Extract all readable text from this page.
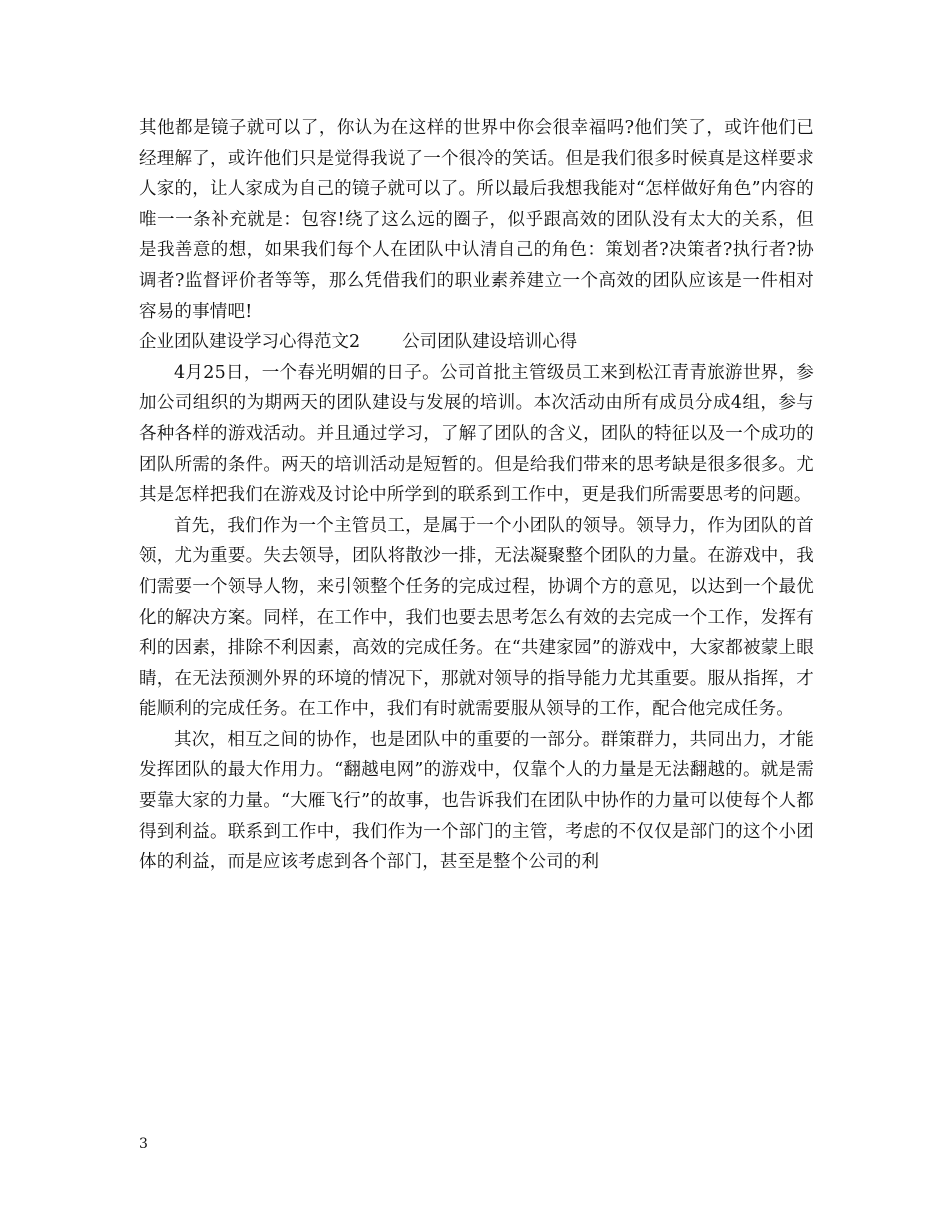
其他都是镜子就可以了，你认为在这样的世界中你会很幸福吗?他们笑了，或许他们已经理解了，或许他们只是觉得我说了一个很冷的笑话。但是我们很多时候真是这样要求人家的，让人家成为自己的镜子就可以了。所以最后我想我能对“怎样做好角色”内容的唯一一条补充就是：包容!绕了这么远的圈子，似乎跟高效的团队没有太大的关系，但是我善意的想，如果我们每个人在团队中认清自己的角色：策划者?决策者?执行者?协调者?监督评价者等等，那么凭借我们的职业素养建立一个高效的团队应该是一件相对容易的事情吧!

企业团队建设学习心得范文2 公司团队建设培训心得

4月25日，一个春光明媚的日子。公司首批主管级员工来到松江青青旅游世界，参加公司组织的为期两天的团队建设与发展的培训。本次活动由所有成员分成4组，参与各种各样的游戏活动。并且通过学习，了解了团队的含义，团队的特征以及一个成功的团队所需的条件。两天的培训活动是短暂的。但是给我们带来的思考缺是很多很多。尤其是怎样把我们在游戏及讨论中所学到的联系到工作中，更是我们所需要思考的问题。

首先，我们作为一个主管员工，是属于一个小团队的领导。领导力，作为团队的首领，尤为重要。失去领导，团队将散沙一排，无法凝聚整个团队的力量。在游戏中，我们需要一个领导人物，来引领整个任务的完成过程，协调个方的意见，以达到一个最优化的解决方案。同样，在工作中，我们也要去思考怎么有效的去完成一个工作，发挥有利的因素，排除不利因素，高效的完成任务。在“共建家园”的游戏中，大家都被蒙上眼睛，在无法预测外界的环境的情况下，那就对领导的指导能力尤其重要。服从指挥，才能顺利的完成任务。在工作中，我们有时就需要服从领导的工作，配合他完成任务。

其次，相互之间的协作，也是团队中的重要的一部分。群策群力，共同出力，才能发挥团队的最大作用力。“翻越电网”的游戏中，仅靠个人的力量是无法翻越的。就是需要靠大家的力量。“大雁飞行”的故事，也告诉我们在团队中协作的力量可以使每个人都得到利益。联系到工作中，我们作为一个部门的主管，考虑的不仅仅是部门的这个小团体的利益，而是应该考虑到各个部门，甚至是整个公司的利

3
